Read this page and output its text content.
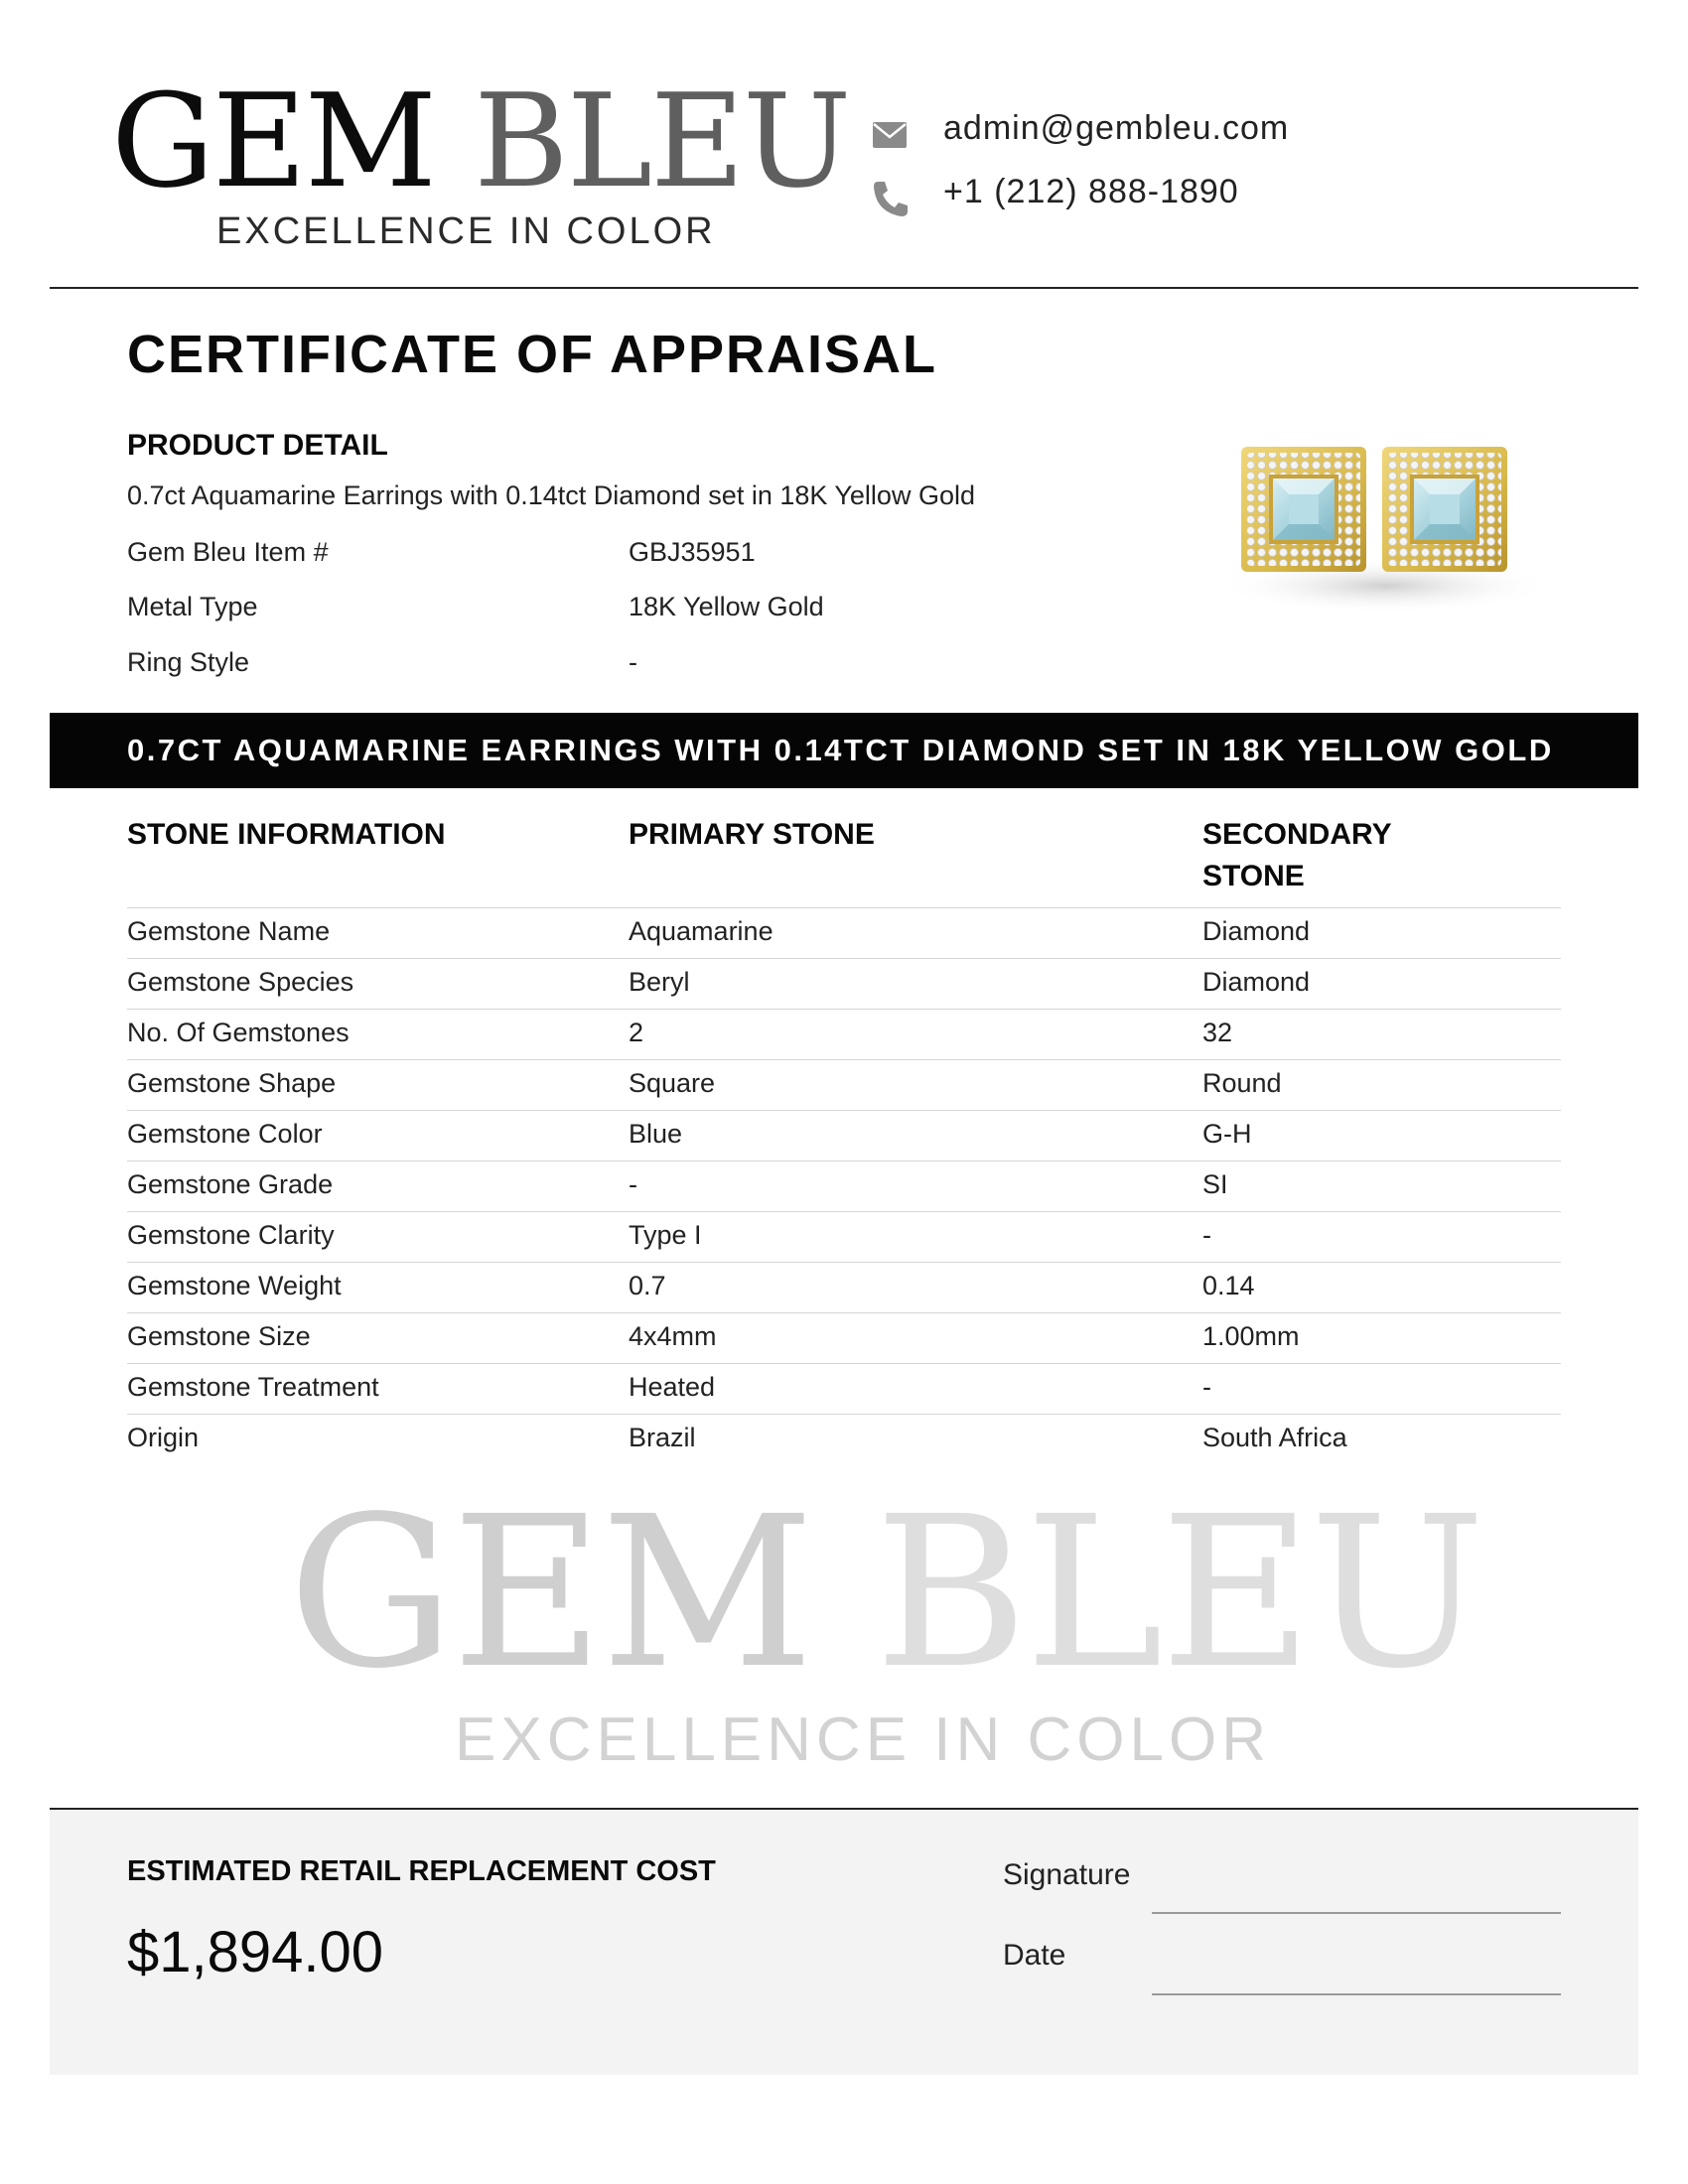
GEM BLEU
EXCELLENCE IN COLOR
admin@gembleu.com
+1 (212) 888-1890
CERTIFICATE OF APPRAISAL
PRODUCT DETAIL
0.7ct Aquamarine Earrings with 0.14tct Diamond set in 18K Yellow Gold
Gem Bleu Item #	GBJ35951
Metal Type	18K Yellow Gold
Ring Style	-
0.7CT AQUAMARINE EARRINGS WITH 0.14TCT DIAMOND SET IN 18K YELLOW GOLD
STONE INFORMATION	PRIMARY STONE	SECONDARY STONE
Gemstone Name	Aquamarine	Diamond
Gemstone Species	Beryl	Diamond
No. Of Gemstones	2	32
Gemstone Shape	Square	Round
Gemstone Color	Blue	G-H
Gemstone Grade	-	SI
Gemstone Clarity	Type I	-
Gemstone Weight	0.7	0.14
Gemstone Size	4x4mm	1.00mm
Gemstone Treatment	Heated	-
Origin	Brazil	South Africa
GEM BLEU
EXCELLENCE IN COLOR
ESTIMATED RETAIL REPLACEMENT COST
$1,894.00
Signature
Date
